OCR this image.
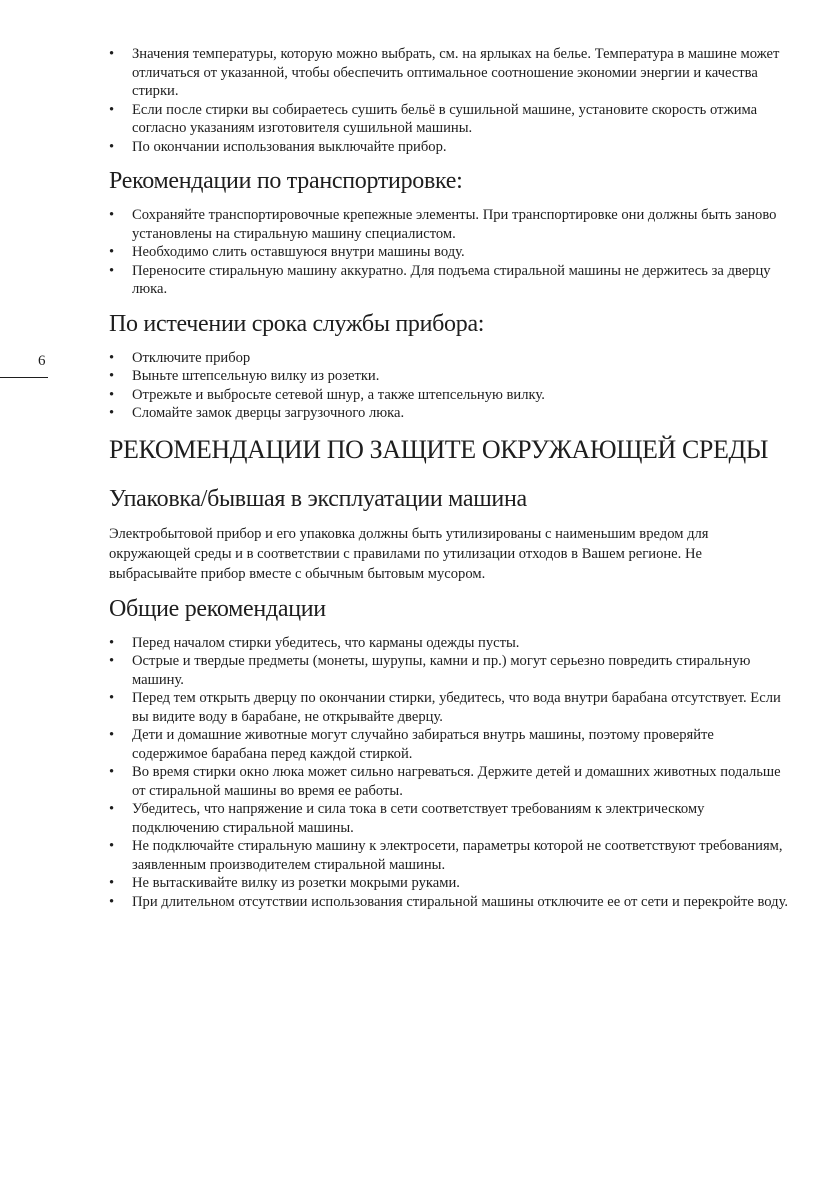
6
• Значения температуры, которую можно выбрать, см. на ярлыках на белье. Температура в машине может отличаться от указанной, чтобы обеспечить оптимальное соотношение экономии энергии и качества стирки.
• Если после стирки вы собираетесь сушить бельё в сушильной машине, установите скорость отжима согласно указаниям изготовителя сушильной машины.
• По окончании использования выключайте прибор.
Рекомендации по транспортировке:
• Сохраняйте транспортировочные крепежные элементы. При транспортировке они должны быть заново установлены на стиральную машину специалистом.
• Необходимо слить оставшуюся внутри машины воду.
• Переносите стиральную машину аккуратно. Для подъема стиральной машины не держитесь за дверцу люка.
По истечении срока службы прибора:
• Отключите прибор
• Выньте штепсельную вилку из розетки.
• Отрежьте и выбросьте сетевой шнур, а также штепсельную вилку.
• Сломайте замок дверцы загрузочного люка.
РЕКОМЕНДАЦИИ ПО ЗАЩИТЕ ОКРУЖАЮЩЕЙ СРЕДЫ
Упаковка/бывшая в эксплуатации машина

Электробытовой прибор и его упаковка должны быть утилизированы с наименьшим вредом для окружающей среды и в соответствии с правилами по утилизации отходов в Вашем регионе. Не выбрасывайте прибор вместе с обычным бытовым мусором.

Общие рекомендации
• Перед началом стирки убедитесь, что карманы одежды пусты.
• Острые и твердые предметы (монеты, шурупы, камни и пр.) могут серьезно повредить стиральную машину.
• Перед тем открыть дверцу по окончании стирки, убедитесь, что вода внутри барабана отсутствует. Если вы видите воду в барабане, не открывайте дверцу.
• Дети и домашние животные могут случайно забираться внутрь машины, поэтому проверяйте содержимое барабана перед каждой стиркой.
• Во время стирки окно люка может сильно нагреваться. Держите детей и домашних животных подальше от стиральной машины во время ее работы.
• Убедитесь, что напряжение и сила тока в сети соответствует требованиям к электрическому подключению стиральной машины.
• Не подключайте стиральную машину к электросети, параметры которой не соответствуют требованиям, заявленным производителем стиральной машины.
• Не вытаскивайте вилку из розетки мокрыми руками.
• При длительном отсутствии использования стиральной машины отключите ее от сети и перекройте воду.
